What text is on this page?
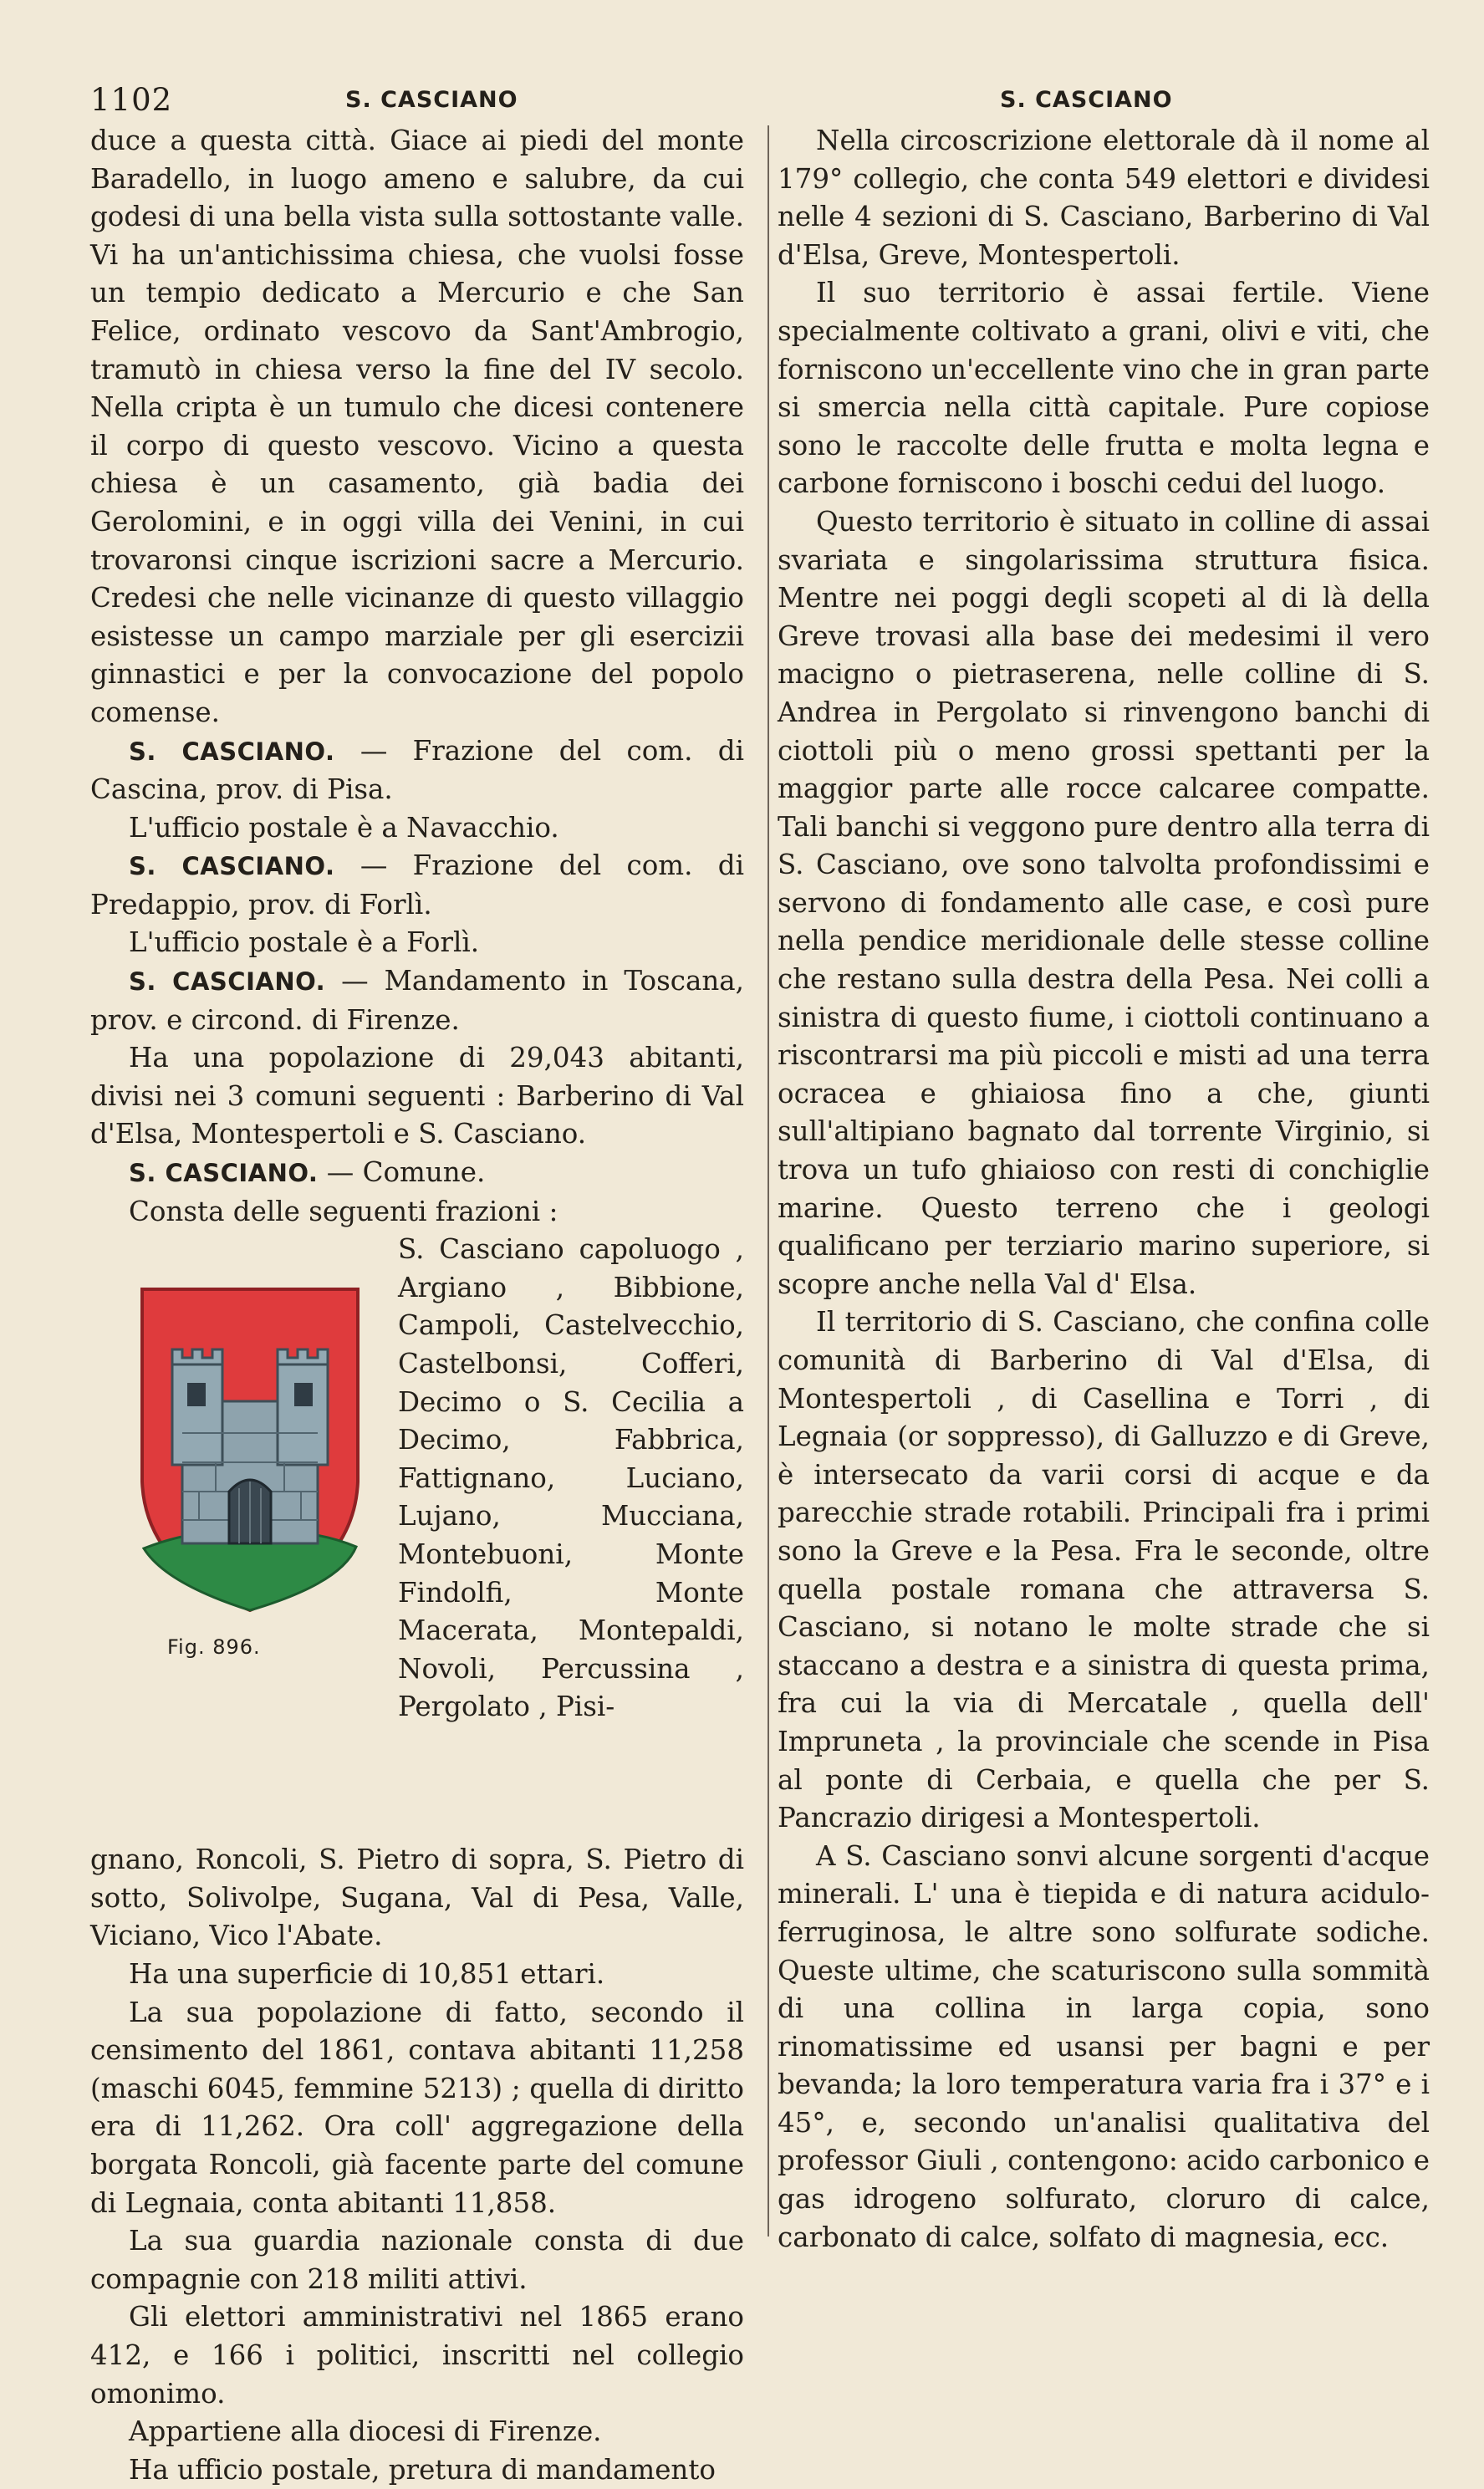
1102	S. CASCIANO	S. CASCIANO

duce a questa città. Giace ai piedi del monte Baradello, in luogo ameno e salubre, da cui godesi di una bella vista sulla sottostante valle. Vi ha un'antichissima chiesa, che vuolsi fosse un tempio dedicato a Mercurio e che San Felice, ordinato vescovo da Sant'Ambrogio, tramutò in chiesa verso la fine del IV secolo. Nella cripta è un tumulo che dicesi contenere il corpo di questo vescovo. Vicino a questa chiesa è un casamento, già badia dei Gerolomini, e in oggi villa dei Venini, in cui trovaronsi cinque iscrizioni sacre a Mercurio. Credesi che nelle vicinanze di questo villaggio esistesse un campo marziale per gli esercizii ginnastici e per la convocazione del popolo comense.

S. CASCIANO. — Frazione del com. di Cascina, prov. di Pisa.

L'ufficio postale è a Navacchio.

S. CASCIANO. — Frazione del com. di Predappio, prov. di Forlì.

L'ufficio postale è a Forlì.

S. CASCIANO. — Mandamento in Toscana, prov. e circond. di Firenze.

Ha una popolazione di 29,043 abitanti, divisi nei 3 comuni seguenti : Barberino di Val d'Elsa, Montespertoli e S. Casciano.

S. CASCIANO. — Comune.

Consta delle seguenti frazioni :

Fig. 896.
S. Casciano capoluogo , Argiano , Bibbione, Campoli, Castelvecchio, Castelbonsi, Cofferi, Decimo o S. Cecilia a Decimo, Fabbrica, Fattignano, Luciano, Lujano, Mucciana, Montebuoni, Monte Findolfi, Monte Macerata, Montepaldi, Novoli, Percussina , Pergolato , Pisi-

gnano, Roncoli, S. Pietro di sopra, S. Pietro di sotto, Solivolpe, Sugana, Val di Pesa, Valle, Viciano, Vico l'Abate.

Ha una superficie di 10,851 ettari.

La sua popolazione di fatto, secondo il censimento del 1861, contava abitanti 11,258 (maschi 6045, femmine 5213) ; quella di diritto era di 11,262. Ora coll' aggregazione della borgata Roncoli, già facente parte del comune di Legnaia, conta abitanti 11,858.

La sua guardia nazionale consta di due compagnie con 218 militi attivi.

Gli elettori amministrativi nel 1865 erano 412, e 166 i politici, inscritti nel collegio omonimo.

Appartiene alla diocesi di Firenze.

Ha ufficio postale, pretura di mandamento

Nella circoscrizione elettorale dà il nome al 179° collegio, che conta 549 elettori e dividesi nelle 4 sezioni di S. Casciano, Barberino di Val d'Elsa, Greve, Montespertoli.

Il suo territorio è assai fertile. Viene specialmente coltivato a grani, olivi e viti, che forniscono un'eccellente vino che in gran parte si smercia nella città capitale. Pure copiose sono le raccolte delle frutta e molta legna e carbone forniscono i boschi cedui del luogo.

Questo territorio è situato in colline di assai svariata e singolarissima struttura fisica. Mentre nei poggi degli scopeti al di là della Greve trovasi alla base dei medesimi il vero macigno o pietraserena, nelle colline di S. Andrea in Pergolato si rinvengono banchi di ciottoli più o meno grossi spettanti per la maggior parte alle rocce calcaree compatte. Tali banchi si veggono pure dentro alla terra di S. Casciano, ove sono talvolta profondissimi e servono di fondamento alle case, e così pure nella pendice meridionale delle stesse colline che restano sulla destra della Pesa. Nei colli a sinistra di questo fiume, i ciottoli continuano a riscontrarsi ma più piccoli e misti ad una terra ocracea e ghiaiosa fino a che, giunti sull'altipiano bagnato dal torrente Virginio, si trova un tufo ghiaioso con resti di conchiglie marine. Questo terreno che i geologi qualificano per terziario marino superiore, si scopre anche nella Val d' Elsa.

Il territorio di S. Casciano, che confina colle comunità di Barberino di Val d'Elsa, di Montespertoli , di Casellina e Torri , di Legnaia (or soppresso), di Galluzzo e di Greve, è intersecato da varii corsi di acque e da parecchie strade rotabili. Principali fra i primi sono la Greve e la Pesa. Fra le seconde, oltre quella postale romana che attraversa S. Casciano, si notano le molte strade che si staccano a destra e a sinistra di questa prima, fra cui la via di Mercatale , quella dell' Impruneta , la provinciale che scende in Pisa al ponte di Cerbaia, e quella che per S. Pancrazio dirigesi a Montespertoli.

A S. Casciano sonvi alcune sorgenti d'acque minerali. L' una è tiepida e di natura acidulo-ferruginosa, le altre sono solfurate sodiche. Queste ultime, che scaturiscono sulla sommità di una collina in larga copia, sono rinomatissime ed usansi per bagni e per bevanda; la loro temperatura varia fra i 37° e i 45°, e, secondo un'analisi qualitativa del professor Giuli , contengono: acido carbonico e gas idrogeno solfurato, cloruro di calce, carbonato di calce, solfato di magnesia, ecc.
